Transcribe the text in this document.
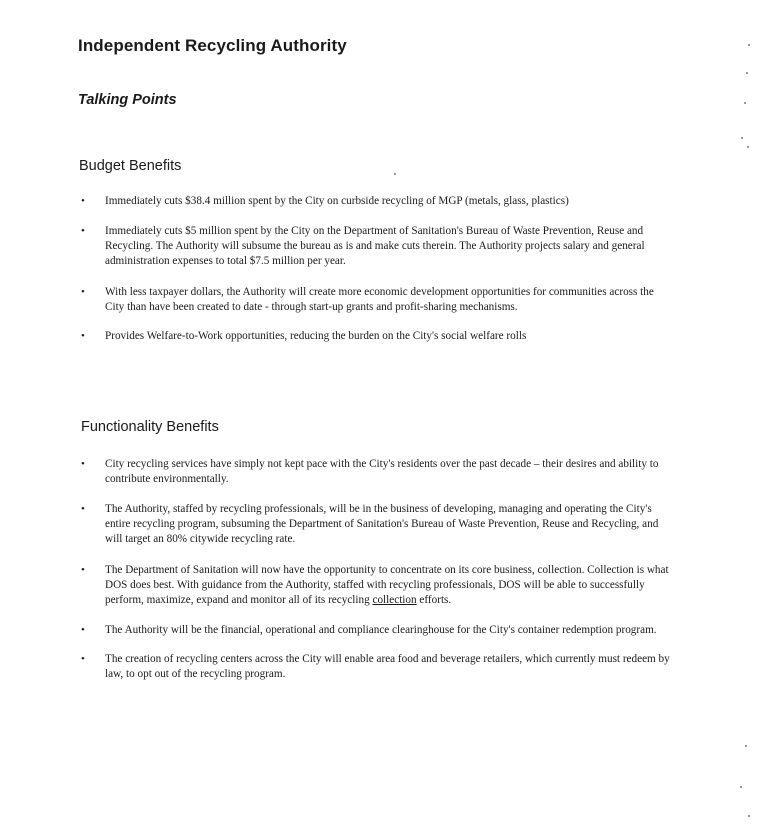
Independent Recycling Authority
Talking Points
Budget Benefits
• Immediately cuts $38.4 million spent by the City on curbside recycling of MGP (metals, glass, plastics)
• Immediately cuts $5 million spent by the City on the Department of Sanitation's Bureau of Waste Prevention, Reuse and Recycling. The Authority will subsume the bureau as is and make cuts therein. The Authority projects salary and general administration expenses to total $7.5 million per year.
• With less taxpayer dollars, the Authority will create more economic development opportunities for communities across the City than have been created to date - through start-up grants and profit-sharing mechanisms.
• Provides Welfare-to-Work opportunities, reducing the burden on the City's social welfare rolls
Functionality Benefits
• City recycling services have simply not kept pace with the City's residents over the past decade – their desires and ability to contribute environmentally.
• The Authority, staffed by recycling professionals, will be in the business of developing, managing and operating the City's entire recycling program, subsuming the Department of Sanitation's Bureau of Waste Prevention, Reuse and Recycling, and will target an 80% citywide recycling rate.
• The Department of Sanitation will now have the opportunity to concentrate on its core business, collection. Collection is what DOS does best. With guidance from the Authority, staffed with recycling professionals, DOS will be able to successfully perform, maximize, expand and monitor all of its recycling collection efforts.
• The Authority will be the financial, operational and compliance clearinghouse for the City's container redemption program.
• The creation of recycling centers across the City will enable area food and beverage retailers, which currently must redeem by law, to opt out of the recycling program.
